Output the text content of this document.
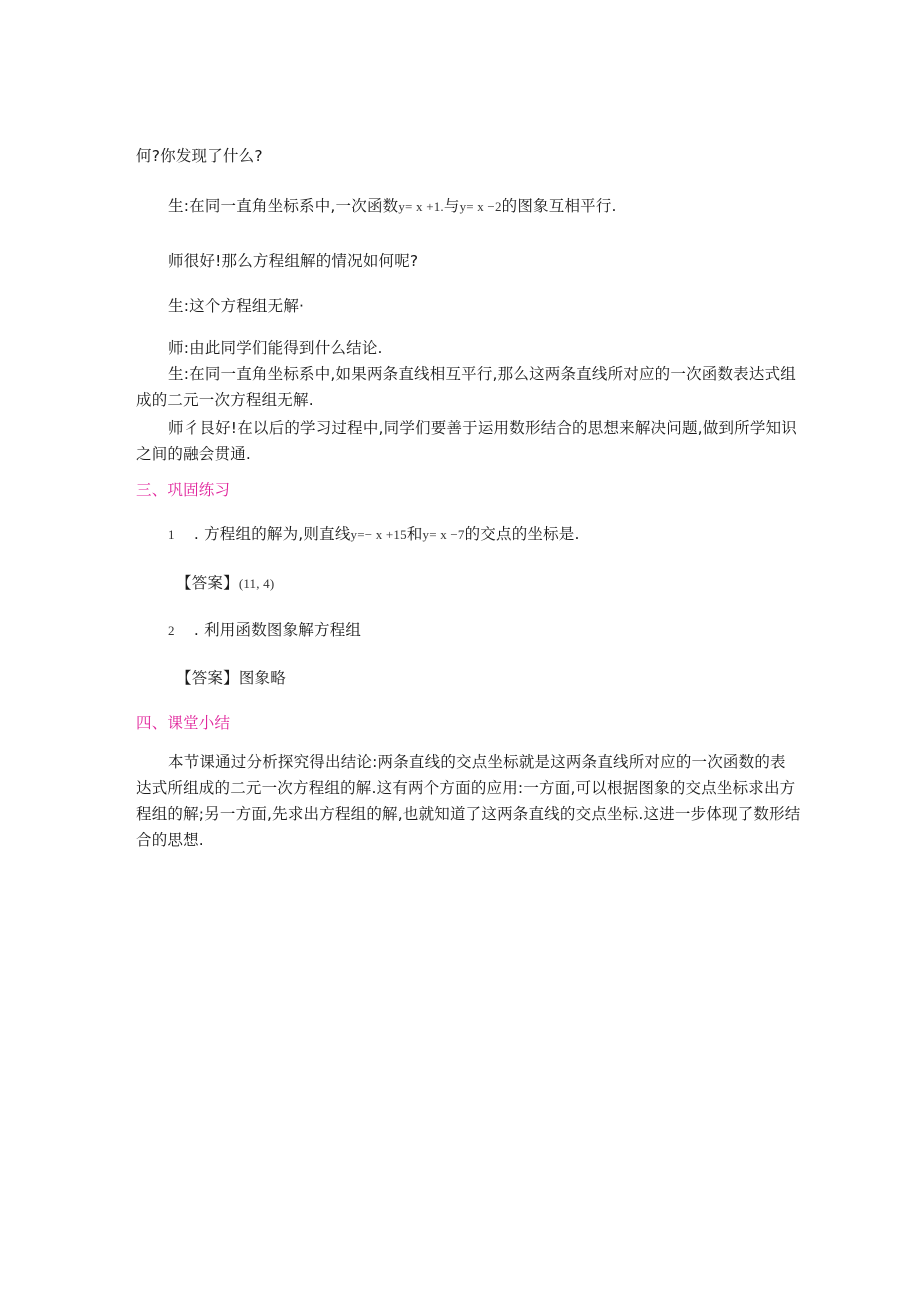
何?你发现了什么?
生:在同一直角坐标系中,一次函数y= x +1.与y= x −2的图象互相平行.
师很好!那么方程组解的情况如何呢?
生:这个方程组无解·
师:由此同学们能得到什么结论.
生:在同一直角坐标系中,如果两条直线相互平行,那么这两条直线所对应的一次函数表达式组
成的二元一次方程组无解.
师彳艮好!在以后的学习过程中,同学们要善于运用数形结合的思想来解决问题,做到所学知识
之间的融会贯通.
三、巩固练习
1 . 方程组的解为,则直线y=− x +15和y= x −7的交点的坐标是.
【答案】(11, 4)
2 . 利用函数图象解方程组
【答案】图象略
四、课堂小结
本节课通过分析探究得出结论:两条直线的交点坐标就是这两条直线所对应的一次函数的表
达式所组成的二元一次方程组的解.这有两个方面的应用:一方面,可以根据图象的交点坐标求出方
程组的解;另一方面,先求出方程组的解,也就知道了这两条直线的交点坐标.这进一步体现了数形结
合的思想.
